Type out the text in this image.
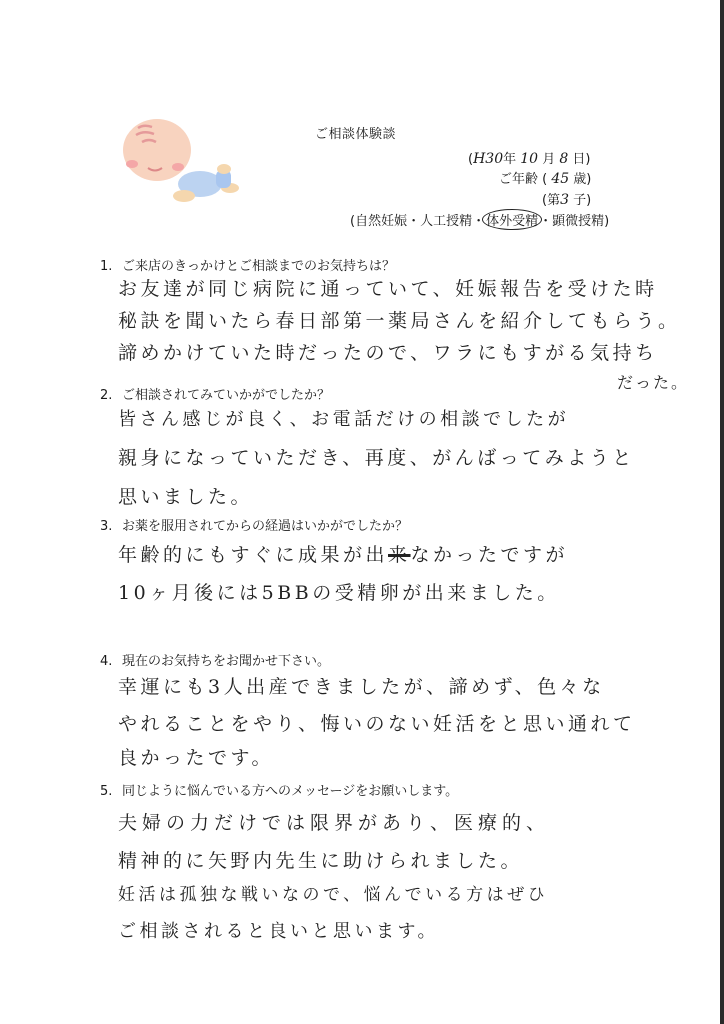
ご相談体験談
(H30年 10 月 8 日)
ご年齢 ( 45 歳)
(第3 子)
(自然妊娠・人工授精・体外受精・顕微授精)
1. ご来店のきっかけとご相談までのお気持ちは？
お友達が同じ病院に通っていて、妊娠報告を受けた時
秘訣を聞いたら春日部第一薬局さんを紹介してもらう。
諦めかけていた時だったので、ワラにもすがる気持ち
だった。
2. ご相談されてみていかがでしたか？
皆さん感じが良く、お電話だけの相談でしたが
親身になっていただき、再度、がんばってみようと
思いました。
3. お薬を服用されてからの経過はいかがでしたか？
年齢的にもすぐに成果が出来なかったですが
10ヶ月後には5BBの受精卵が出来ました。
4. 現在のお気持ちをお聞かせ下さい。
幸運にも3人出産できましたが、諦めず、色々な
やれることをやり、悔いのない妊活をと思い通れて
良かったです。
5. 同じように悩んでいる方へのメッセージをお願いします。
夫婦の力だけでは限界があり、医療的、
精神的に矢野内先生に助けられました。
妊活は孤独な戦いなので、悩んでいる方はぜひ
ご相談されると良いと思います。
